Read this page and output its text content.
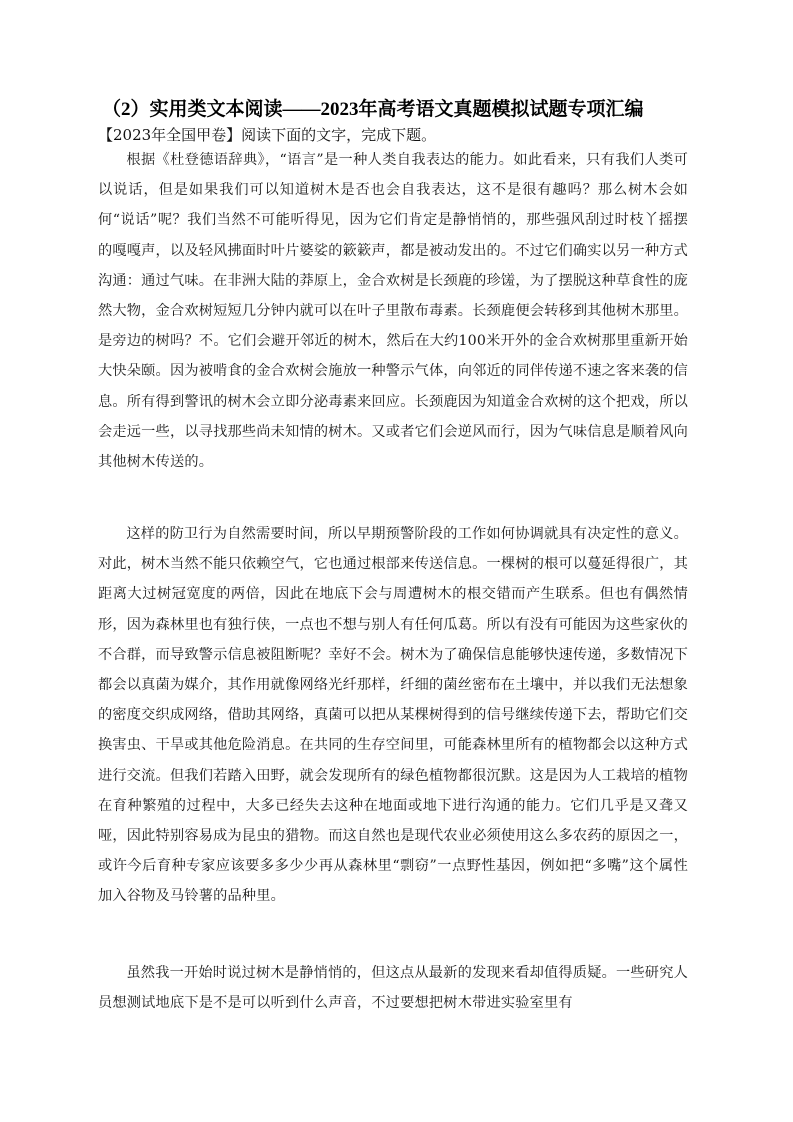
（2）实用类文本阅读——2023年高考语文真题模拟试题专项汇编
【2023年全国甲卷】阅读下面的文字，完成下题。

根据《杜登德语辞典》，“语言”是一种人类自我表达的能力。如此看来，只有我们人类可以说话，但是如果我们可以知道树木是否也会自我表达，这不是很有趣吗？那么树木会如何“说话”呢？我们当然不可能听得见，因为它们肯定是静悄悄的，那些强风刮过时枝丫摇摆的嘎嘎声，以及轻风拂面时叶片婆娑的簌簌声，都是被动发出的。不过它们确实以另一种方式沟通：通过气味。在非洲大陆的莽原上，金合欢树是长颈鹿的珍馐，为了摆脱这种草食性的庞然大物，金合欢树短短几分钟内就可以在叶子里散布毒素。长颈鹿便会转移到其他树木那里。是旁边的树吗？不。它们会避开邻近的树木，然后在大约100米开外的金合欢树那里重新开始大快朵颐。因为被啃食的金合欢树会施放一种警示气体，向邻近的同伴传递不速之客来袭的信息。所有得到警讯的树木会立即分泌毒素来回应。长颈鹿因为知道金合欢树的这个把戏，所以会走远一些，以寻找那些尚未知情的树木。又或者它们会逆风而行，因为气味信息是顺着风向其他树木传送的。

这样的防卫行为自然需要时间，所以早期预警阶段的工作如何协调就具有决定性的意义。对此，树木当然不能只依赖空气，它也通过根部来传送信息。一棵树的根可以蔓延得很广，其距离大过树冠宽度的两倍，因此在地底下会与周遭树木的根交错而产生联系。但也有偶然情形，因为森林里也有独行侠，一点也不想与别人有任何瓜葛。所以有没有可能因为这些家伙的不合群，而导致警示信息被阻断呢？幸好不会。树木为了确保信息能够快速传递，多数情况下都会以真菌为媒介，其作用就像网络光纤那样，纤细的菌丝密布在土壤中，并以我们无法想象的密度交织成网络，借助其网络，真菌可以把从某棵树得到的信号继续传递下去，帮助它们交换害虫、干旱或其他危险消息。在共同的生存空间里，可能森林里所有的植物都会以这种方式进行交流。但我们若踏入田野，就会发现所有的绿色植物都很沉默。这是因为人工栽培的植物在育种繁殖的过程中，大多已经失去这种在地面或地下进行沟通的能力。它们几乎是又聋又哑，因此特别容易成为昆虫的猎物。而这自然也是现代农业必须使用这么多农药的原因之一，或许今后育种专家应该要多多少少再从森林里“剽窃”一点野性基因，例如把“多嘴”这个属性加入谷物及马铃薯的品种里。

虽然我一开始时说过树木是静悄悄的，但这点从最新的发现来看却值得质疑。一些研究人员想测试地底下是不是可以听到什么声音，不过要想把树木带进实验室里有
